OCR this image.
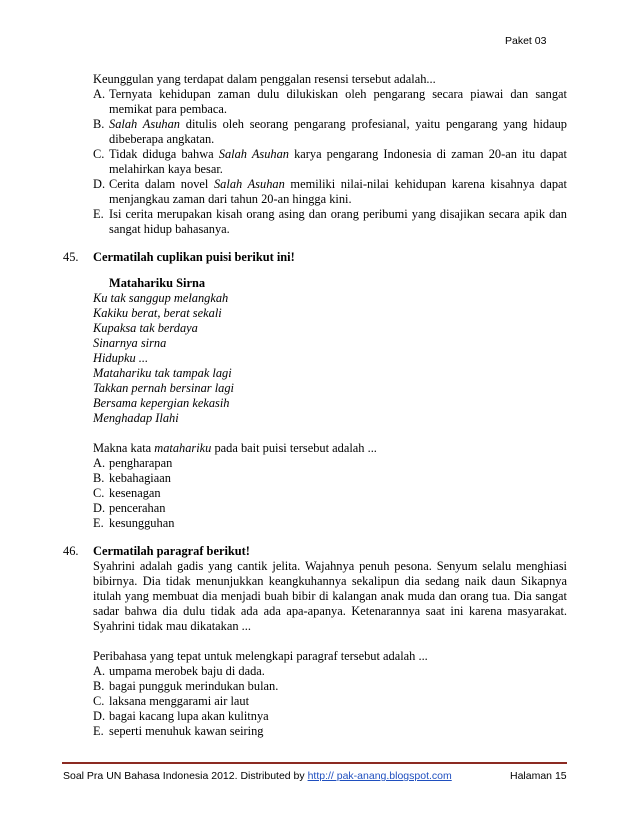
Paket 03
Keunggulan yang terdapat dalam penggalan resensi tersebut adalah...
A. Ternyata kehidupan zaman dulu dilukiskan oleh pengarang secara piawai dan sangat memikat para pembaca.
B. Salah Asuhan ditulis oleh seorang pengarang profesianal, yaitu pengarang yang hidaup dibeberapa angkatan.
C. Tidak diduga bahwa Salah Asuhan karya pengarang Indonesia di zaman 20-an itu dapat melahirkan kaya besar.
D. Cerita dalam novel Salah Asuhan memiliki nilai-nilai kehidupan karena kisahnya dapat menjangkau zaman dari tahun 20-an hingga kini.
E. Isi cerita merupakan kisah orang asing dan orang peribumi yang disajikan secara apik dan sangat hidup bahasanya.
45. Cermatilah cuplikan puisi berikut ini!
Matahariku Sirna
Ku tak sanggup melangkah
Kakiku berat, berat sekali
Kupaksa tak berdaya
Sinarnya sirna
Hidupku ...
Matahariku tak tampak lagi
Takkan pernah bersinar lagi
Bersama kepergian kekasih
Menghadap Ilahi
Makna kata matahariku pada bait puisi tersebut adalah ...
A. pengharapan
B. kebahagiaan
C. kesenagan
D. pencerahan
E. kesungguhan
46. Cermatilah paragraf berikut!
Syahrini adalah gadis yang cantik jelita. Wajahnya penuh pesona. Senyum selalu menghiasi bibirnya. Dia tidak menunjukkan keangkuhannya sekalipun dia sedang naik daun Sikapnya itulah yang membuat dia menjadi buah bibir di kalangan anak muda dan orang tua. Dia sangat sadar bahwa dia dulu tidak ada ada apa-apanya. Ketenarannya saat ini karena masyarakat. Syahrini tidak mau dikatakan ...
Peribahasa yang tepat untuk melengkapi paragraf tersebut adalah ...
A. umpama merobek baju di dada.
B. bagai pungguk merindukan bulan.
C. laksana menggarami air laut
D. bagai kacang lupa akan kulitnya
E. seperti menuhuk kawan seiring
Soal Pra UN Bahasa Indonesia 2012. Distributed by http:// pak-anang.blogspot.com	Halaman 15
